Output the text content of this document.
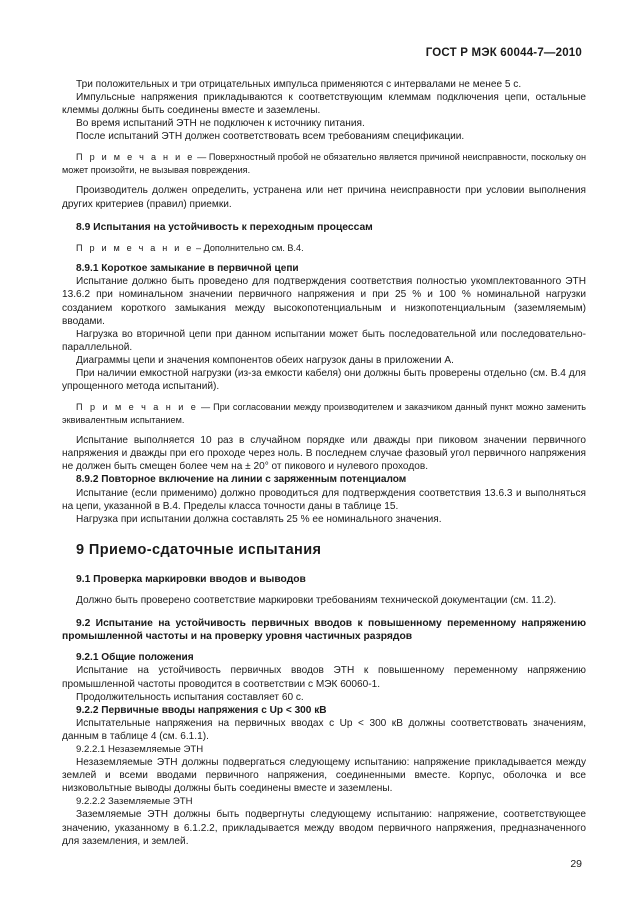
ГОСТ Р МЭК 60044-7—2010

Три положительных и три отрицательных импульса применяются с интервалами не менее 5 с.

Импульсные напряжения прикладываются к соответствующим клеммам подключения цепи, остальные клеммы должны быть соединены вместе и заземлены.

Во время испытаний ЭТН не подключен к источнику питания.

После испытаний ЭТН должен соответствовать всем требованиям спецификации.

П р и м е ч а н и е — Поверхностный пробой не обязательно является причиной неисправности, поскольку он может произойти, не вызывая повреждения.

Производитель должен определить, устранена или нет причина неисправности при условии выполнения других критериев (правил) приемки.

8.9 Испытания на устойчивость к переходным процессам

П р и м е ч а н и е – Дополнительно см. В.4.

8.9.1 Короткое замыкание в первичной цепи

Испытание должно быть проведено для подтверждения соответствия полностью укомплектованного ЭТН 13.6.2 при номинальном значении первичного напряжения и при 25 % и 100 % номинальной нагрузки созданием короткого замыкания между высокопотенциальным и низкопотенциальным (заземляемым) вводами.

Нагрузка во вторичной цепи при данном испытании может быть последовательной или последовательно-параллельной.

Диаграммы цепи и значения компонентов обеих нагрузок даны в приложении А.

При наличии емкостной нагрузки (из-за емкости кабеля) они должны быть проверены отдельно (см. В.4 для упрощенного метода испытаний).

П р и м е ч а н и е — При согласовании между производителем и заказчиком данный пункт можно заменить эквивалентным испытанием.

Испытание выполняется 10 раз в случайном порядке или дважды при пиковом значении первичного напряжения и дважды при его проходе через ноль. В последнем случае фазовый угол первичного напряжения не должен быть смещен более чем на ± 20° от пикового и нулевого проходов.

8.9.2 Повторное включение на линии с заряженным потенциалом

Испытание (если применимо) должно проводиться для подтверждения соответствия 13.6.3 и выполняться на цепи, указанной в В.4. Пределы класса точности даны в таблице 15.

Нагрузка при испытании должна составлять 25 % ее номинального значения.

9 Приемо-сдаточные испытания

9.1 Проверка маркировки вводов и выводов

Должно быть проверено соответствие маркировки требованиям технической документации (см. 11.2).

9.2 Испытание на устойчивость первичных вводов к повышенному переменному напряжению промышленной частоты и на проверку уровня частичных разрядов

9.2.1 Общие положения

Испытание на устойчивость первичных вводов ЭТН к повышенному переменному напряжению промышленной частоты проводится в соответствии с МЭК 60060-1.

Продолжительность испытания составляет 60 с.

9.2.2 Первичные вводы напряжения с Uр < 300 кВ

Испытательные напряжения на первичных вводах с Uр < 300 кВ должны соответствовать значениям, данным в таблице 4 (см. 6.1.1).

9.2.2.1 Незаземляемые ЭТН

Незаземляемые ЭТН должны подвергаться следующему испытанию: напряжение прикладывается между землей и всеми вводами первичного напряжения, соединенными вместе. Корпус, оболочка и все низковольтные выводы должны быть соединены вместе и заземлены.

9.2.2.2 Заземляемые ЭТН

Заземляемые ЭТН должны быть подвергнуты следующему испытанию: напряжение, соответствующее значению, указанному в 6.1.2.2, прикладывается между вводом первичного напряжения, предназначенного для заземления, и землей.

29
